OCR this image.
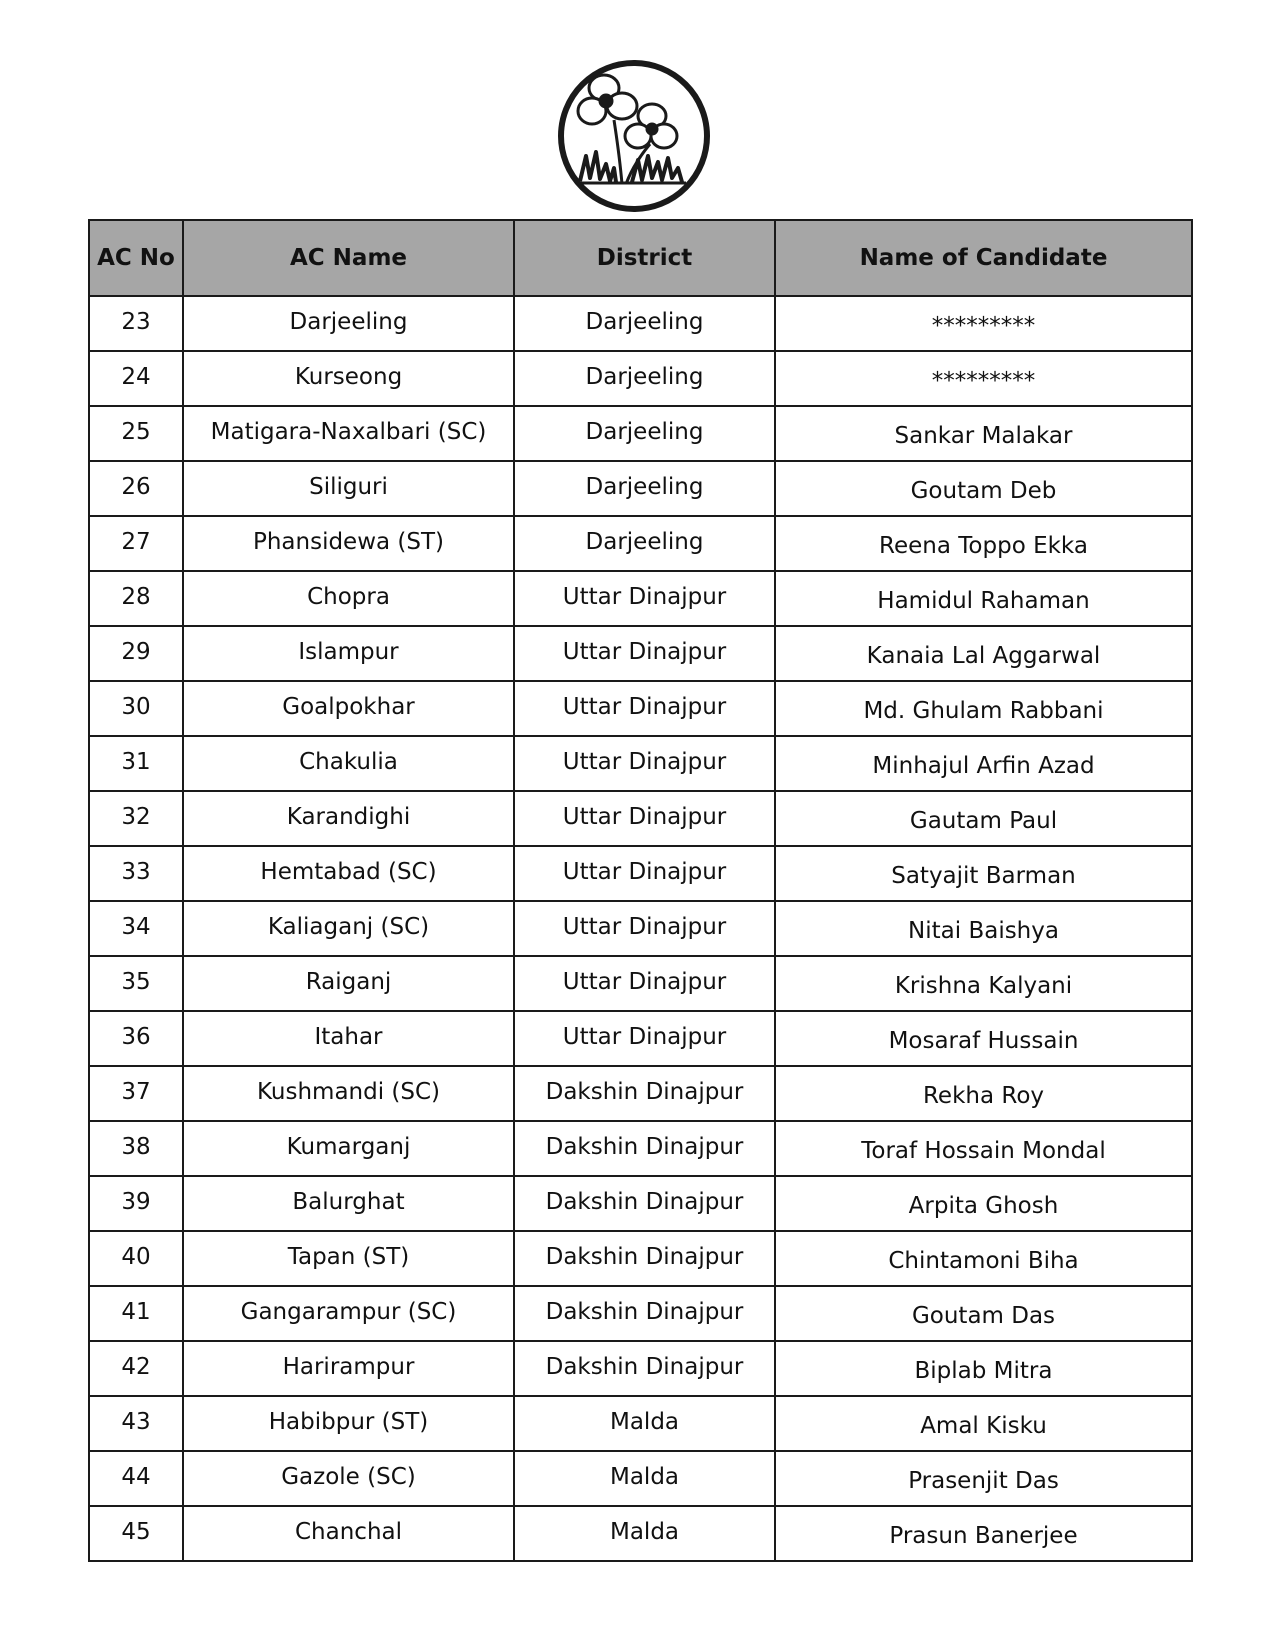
AC No	AC Name	District	Name of Candidate
23	Darjeeling	Darjeeling	*********
24	Kurseong	Darjeeling	*********
25	Matigara-Naxalbari (SC)	Darjeeling	Sankar Malakar
26	Siliguri	Darjeeling	Goutam Deb
27	Phansidewa (ST)	Darjeeling	Reena Toppo Ekka
28	Chopra	Uttar Dinajpur	Hamidul Rahaman
29	Islampur	Uttar Dinajpur	Kanaia Lal Aggarwal
30	Goalpokhar	Uttar Dinajpur	Md. Ghulam Rabbani
31	Chakulia	Uttar Dinajpur	Minhajul Arfin Azad
32	Karandighi	Uttar Dinajpur	Gautam Paul
33	Hemtabad (SC)	Uttar Dinajpur	Satyajit Barman
34	Kaliaganj (SC)	Uttar Dinajpur	Nitai Baishya
35	Raiganj	Uttar Dinajpur	Krishna Kalyani
36	Itahar	Uttar Dinajpur	Mosaraf Hussain
37	Kushmandi (SC)	Dakshin Dinajpur	Rekha Roy
38	Kumarganj	Dakshin Dinajpur	Toraf Hossain Mondal
39	Balurghat	Dakshin Dinajpur	Arpita Ghosh
40	Tapan (ST)	Dakshin Dinajpur	Chintamoni Biha
41	Gangarampur (SC)	Dakshin Dinajpur	Goutam Das
42	Harirampur	Dakshin Dinajpur	Biplab Mitra
43	Habibpur (ST)	Malda	Amal Kisku
44	Gazole (SC)	Malda	Prasenjit Das
45	Chanchal	Malda	Prasun Banerjee
